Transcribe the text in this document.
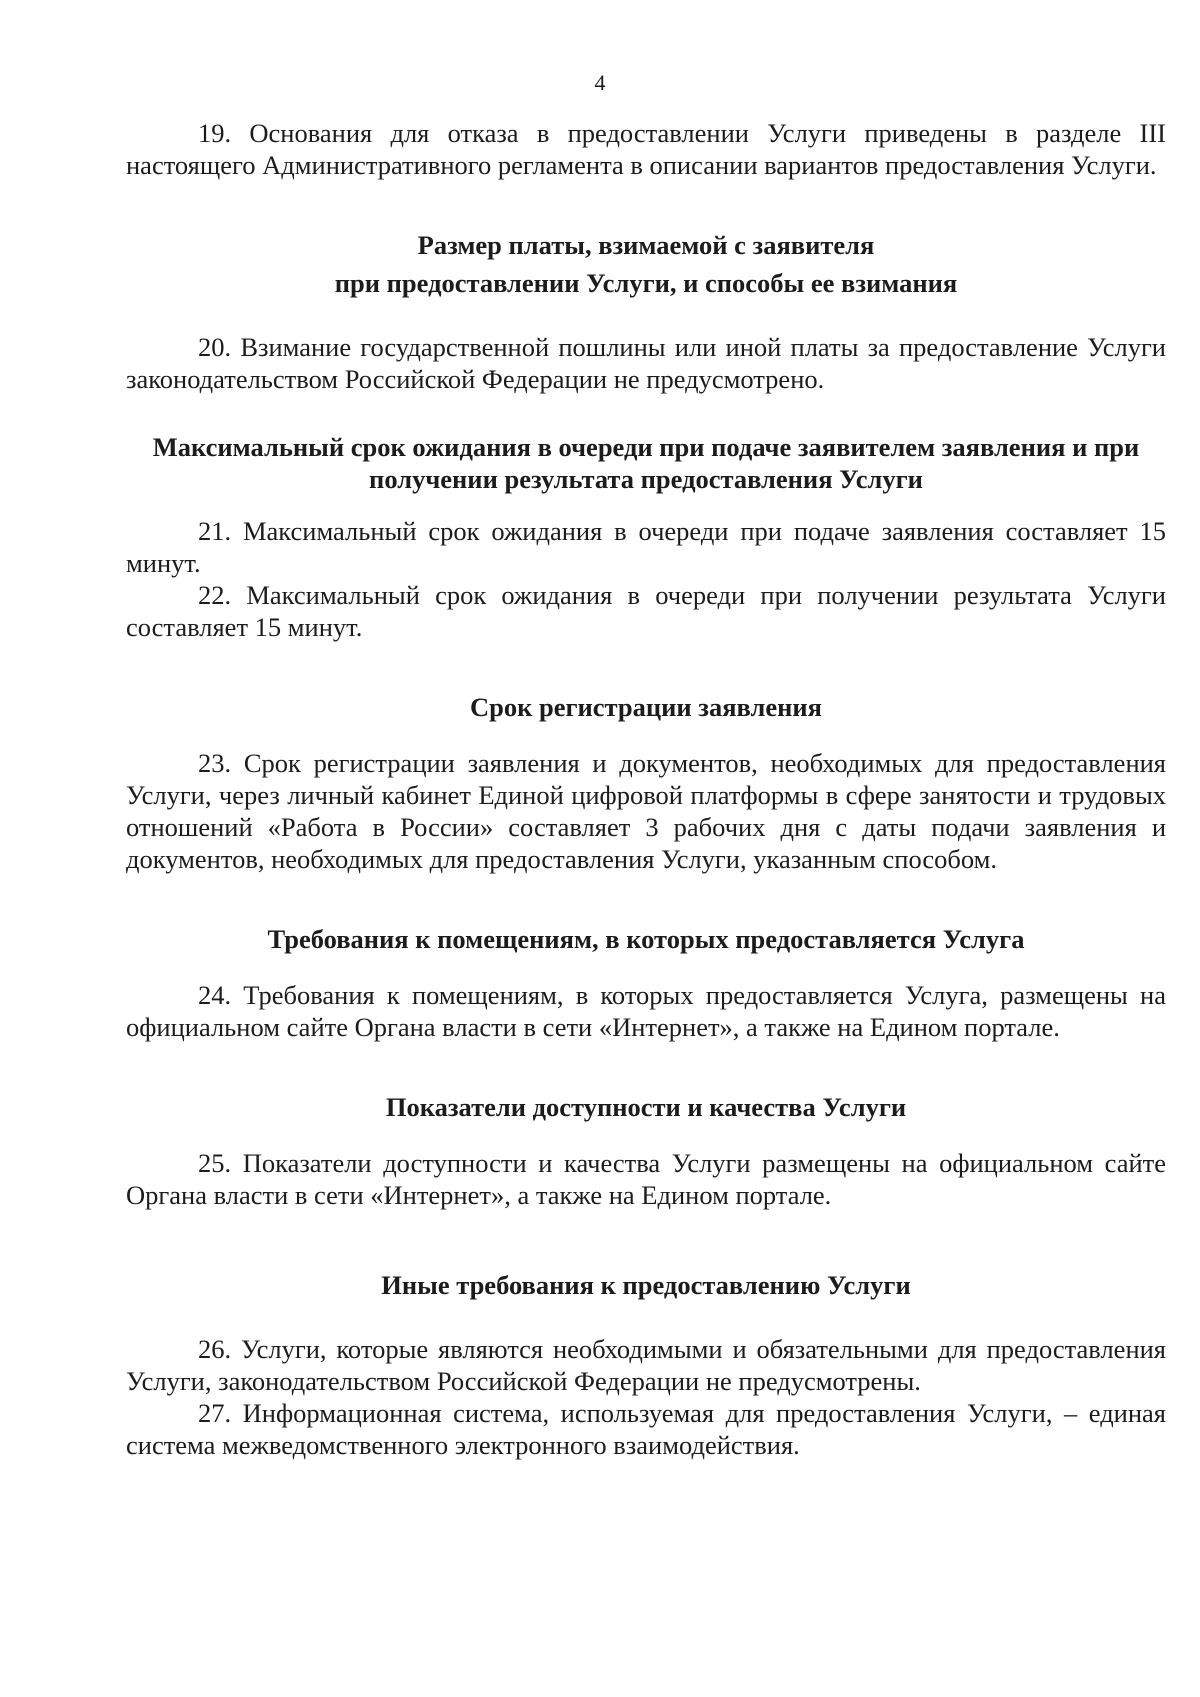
4

19. Основания для отказа в предоставлении Услуги приведены в разделе III настоящего Административного регламента в описании вариантов предоставления Услуги.

Размер платы, взимаемой с заявителя

при предоставлении Услуги, и способы ее взимания

20. Взимание государственной пошлины или иной платы за предоставление Услуги законодательством Российской Федерации не предусмотрено.

Максимальный срок ожидания в очереди при подаче заявителем заявления и при получении результата предоставления Услуги

21. Максимальный срок ожидания в очереди при подаче заявления составляет 15 минут.

22. Максимальный срок ожидания в очереди при получении результата Услуги составляет 15 минут.

Срок регистрации заявления

23. Срок регистрации заявления и документов, необходимых для предоставления Услуги, через личный кабинет Единой цифровой платформы в сфере занятости и трудовых отношений «Работа в России» составляет 3 рабочих дня с даты подачи заявления и документов, необходимых для предоставления Услуги, указанным способом.

Требования к помещениям, в которых предоставляется Услуга

24. Требования к помещениям, в которых предоставляется Услуга, размещены на официальном сайте Органа власти в сети «Интернет», а также на Едином портале.

Показатели доступности и качества Услуги

25. Показатели доступности и качества Услуги размещены на официальном сайте Органа власти в сети «Интернет», а также на Едином портале.

Иные требования к предоставлению Услуги

26. Услуги, которые являются необходимыми и обязательными для предоставления Услуги, законодательством Российской Федерации не предусмотрены.

27. Информационная система, используемая для предоставления Услуги, – единая система межведомственного электронного взаимодействия.
